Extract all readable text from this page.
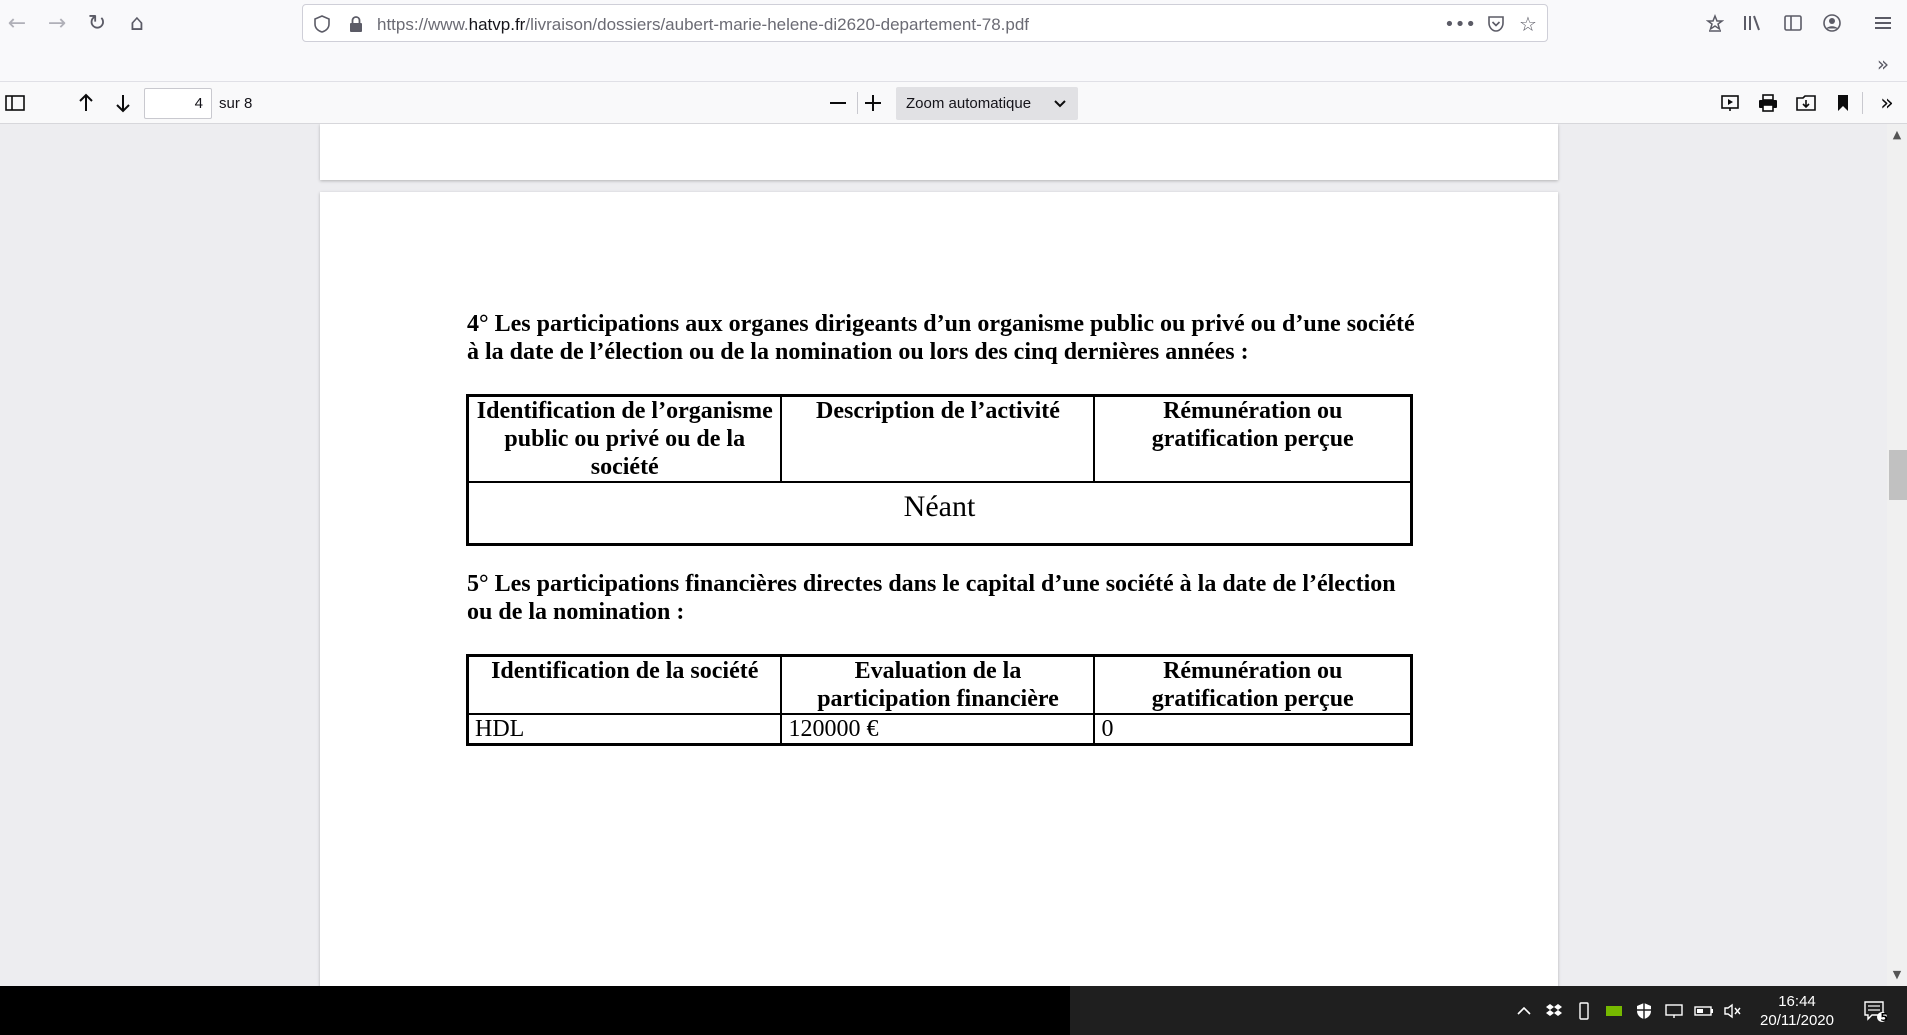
← → ↻	⌂	https://www.hatvp.fr/livraison/dossiers/aubert-marie-helene-di2620-departement-78.pdf	••• ☆
»
4	sur 8	Zoom automatique	»
4° Les participations aux organes dirigeants d’un organisme public ou privé ou d’une société
à la date de l’élection ou de la nomination ou lors des cinq dernières années :
Identification de l’organisme public ou privé ou de la société	Description de l’activité	Rémunération ou gratification perçue
Néant
5° Les participations financières directes dans le capital d’une société à la date de l’élection
ou de la nomination :
Identification de la société	Evaluation de la participation financière	Rémunération ou gratification perçue
HDL	120000 €	0
▲
▼
16:44
20/11/2020	5
